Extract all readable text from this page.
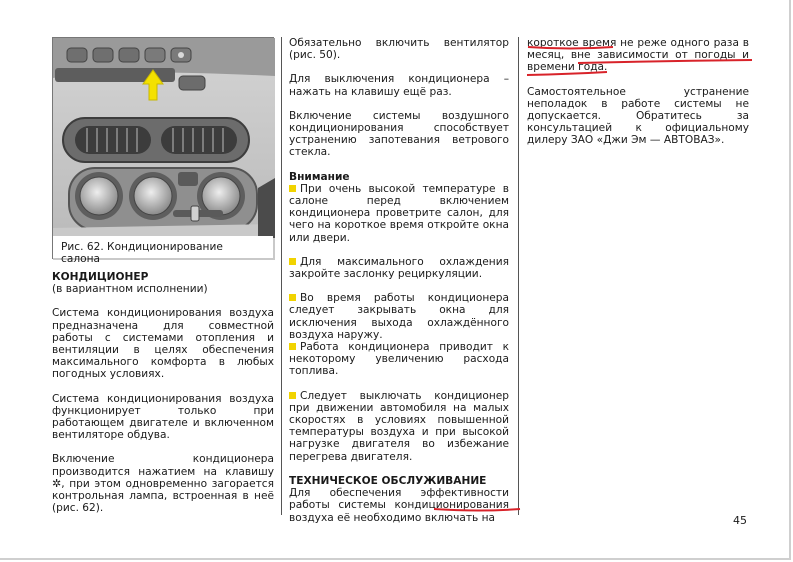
Рис. 62. Кондиционирование салона
КОНДИЦИОНЕР
(в вариантном исполнении)

Система кондиционирования воздуха предназначена для совместной работы с системами отопления и вентиляции в целях обеспечения максимального комфорта в любых погодных условиях.

Система кондиционирования воздуха функционирует только при работающем двигателе и включенном вентиляторе обдува.

Включение кондиционера производится нажатием на клавишу ✲, при этом одновременно загорается контрольная лампа, встроенная в неё (рис. 62).

Обязательно включить вентилятор (рис. 50).

Для выключения кондиционера – нажать на клавишу ещё раз.

Включение системы воздушного кондиционирования способствует устранению запотевания ветрового стекла.

Внимание

При очень высокой температуре в салоне перед включением кондиционера проветрите салон, для чего на короткое время откройте окна или двери.

Для максимального охлаждения закройте заслонку рециркуляции.

Во время работы кондиционера следует закрывать окна для исключения выхода охлаждённого воздуха наружу.

Работа кондиционера приводит к некоторому увеличению расхода топлива.

Следует выключать кондиционер при движении автомобиля на малых скоростях в условиях повышенной температуры воздуха и при высокой нагрузке двигателя во избежание перегрева двигателя.

ТЕХНИЧЕСКОЕ ОБСЛУЖИВАНИЕ

Для обеспечения эффективности работы системы кондиционирования воздуха её необходимо включать на

короткое время не реже одного раза в месяц, вне зависимости от погоды и времени года.

Самостоятельное устранение неполадок в работе системы не допускается. Обратитесь за консультацией к официальному дилеру ЗАО «Джи Эм — АВТОВАЗ».

45
